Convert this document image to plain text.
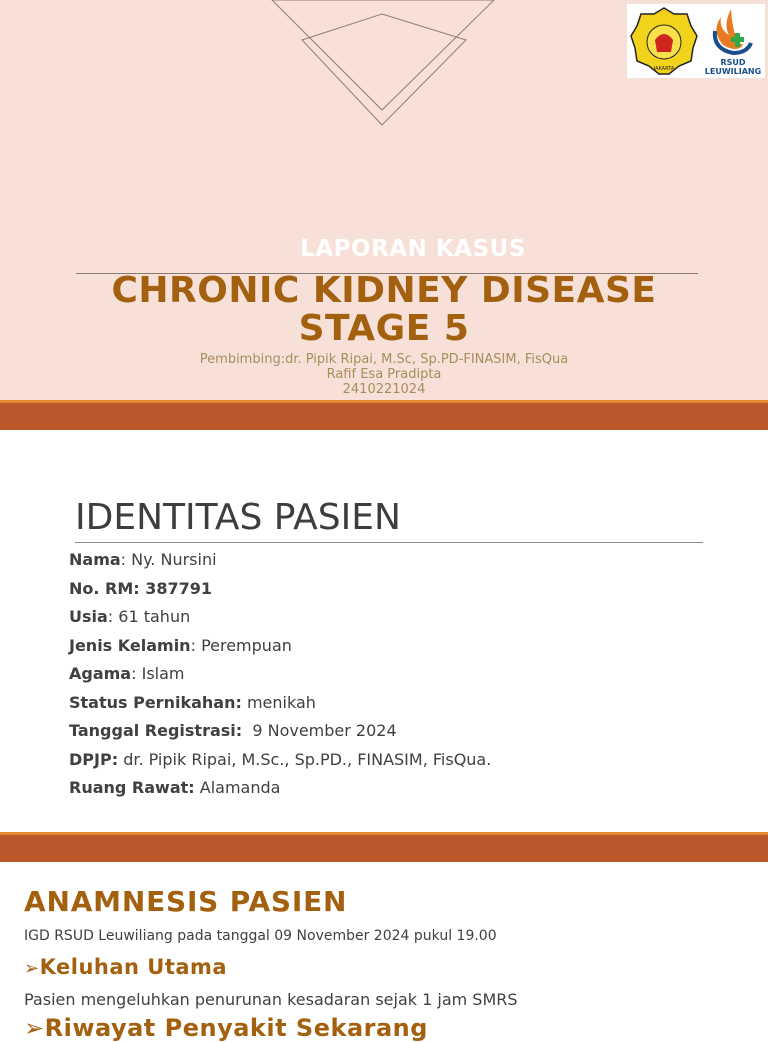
JAKARTA
RSUD
LEUWILIANG
LAPORAN KASUS
CHRONIC KIDNEY DISEASE
STAGE 5
Pembimbing:dr. Pipik Ripai, M.Sc, Sp.PD-FINASIM, FisQua
Rafif Esa Pradipta
2410221024
IDENTITAS PASIEN
Nama: Ny. Nursini
No. RM: 387791
Usia: 61 tahun
Jenis Kelamin: Perempuan
Agama: Islam
Status Pernikahan: menikah
Tanggal Registrasi: 9 November 2024
DPJP: dr. Pipik Ripai, M.Sc., Sp.PD., FINASIM, FisQua.
Ruang Rawat: Alamanda
ANAMNESIS PASIEN
IGD RSUD Leuwiliang pada tanggal 09 November 2024 pukul 19.00
➢Keluhan Utama
Pasien mengeluhkan penurunan kesadaran sejak 1 jam SMRS
➢Riwayat Penyakit Sekarang
